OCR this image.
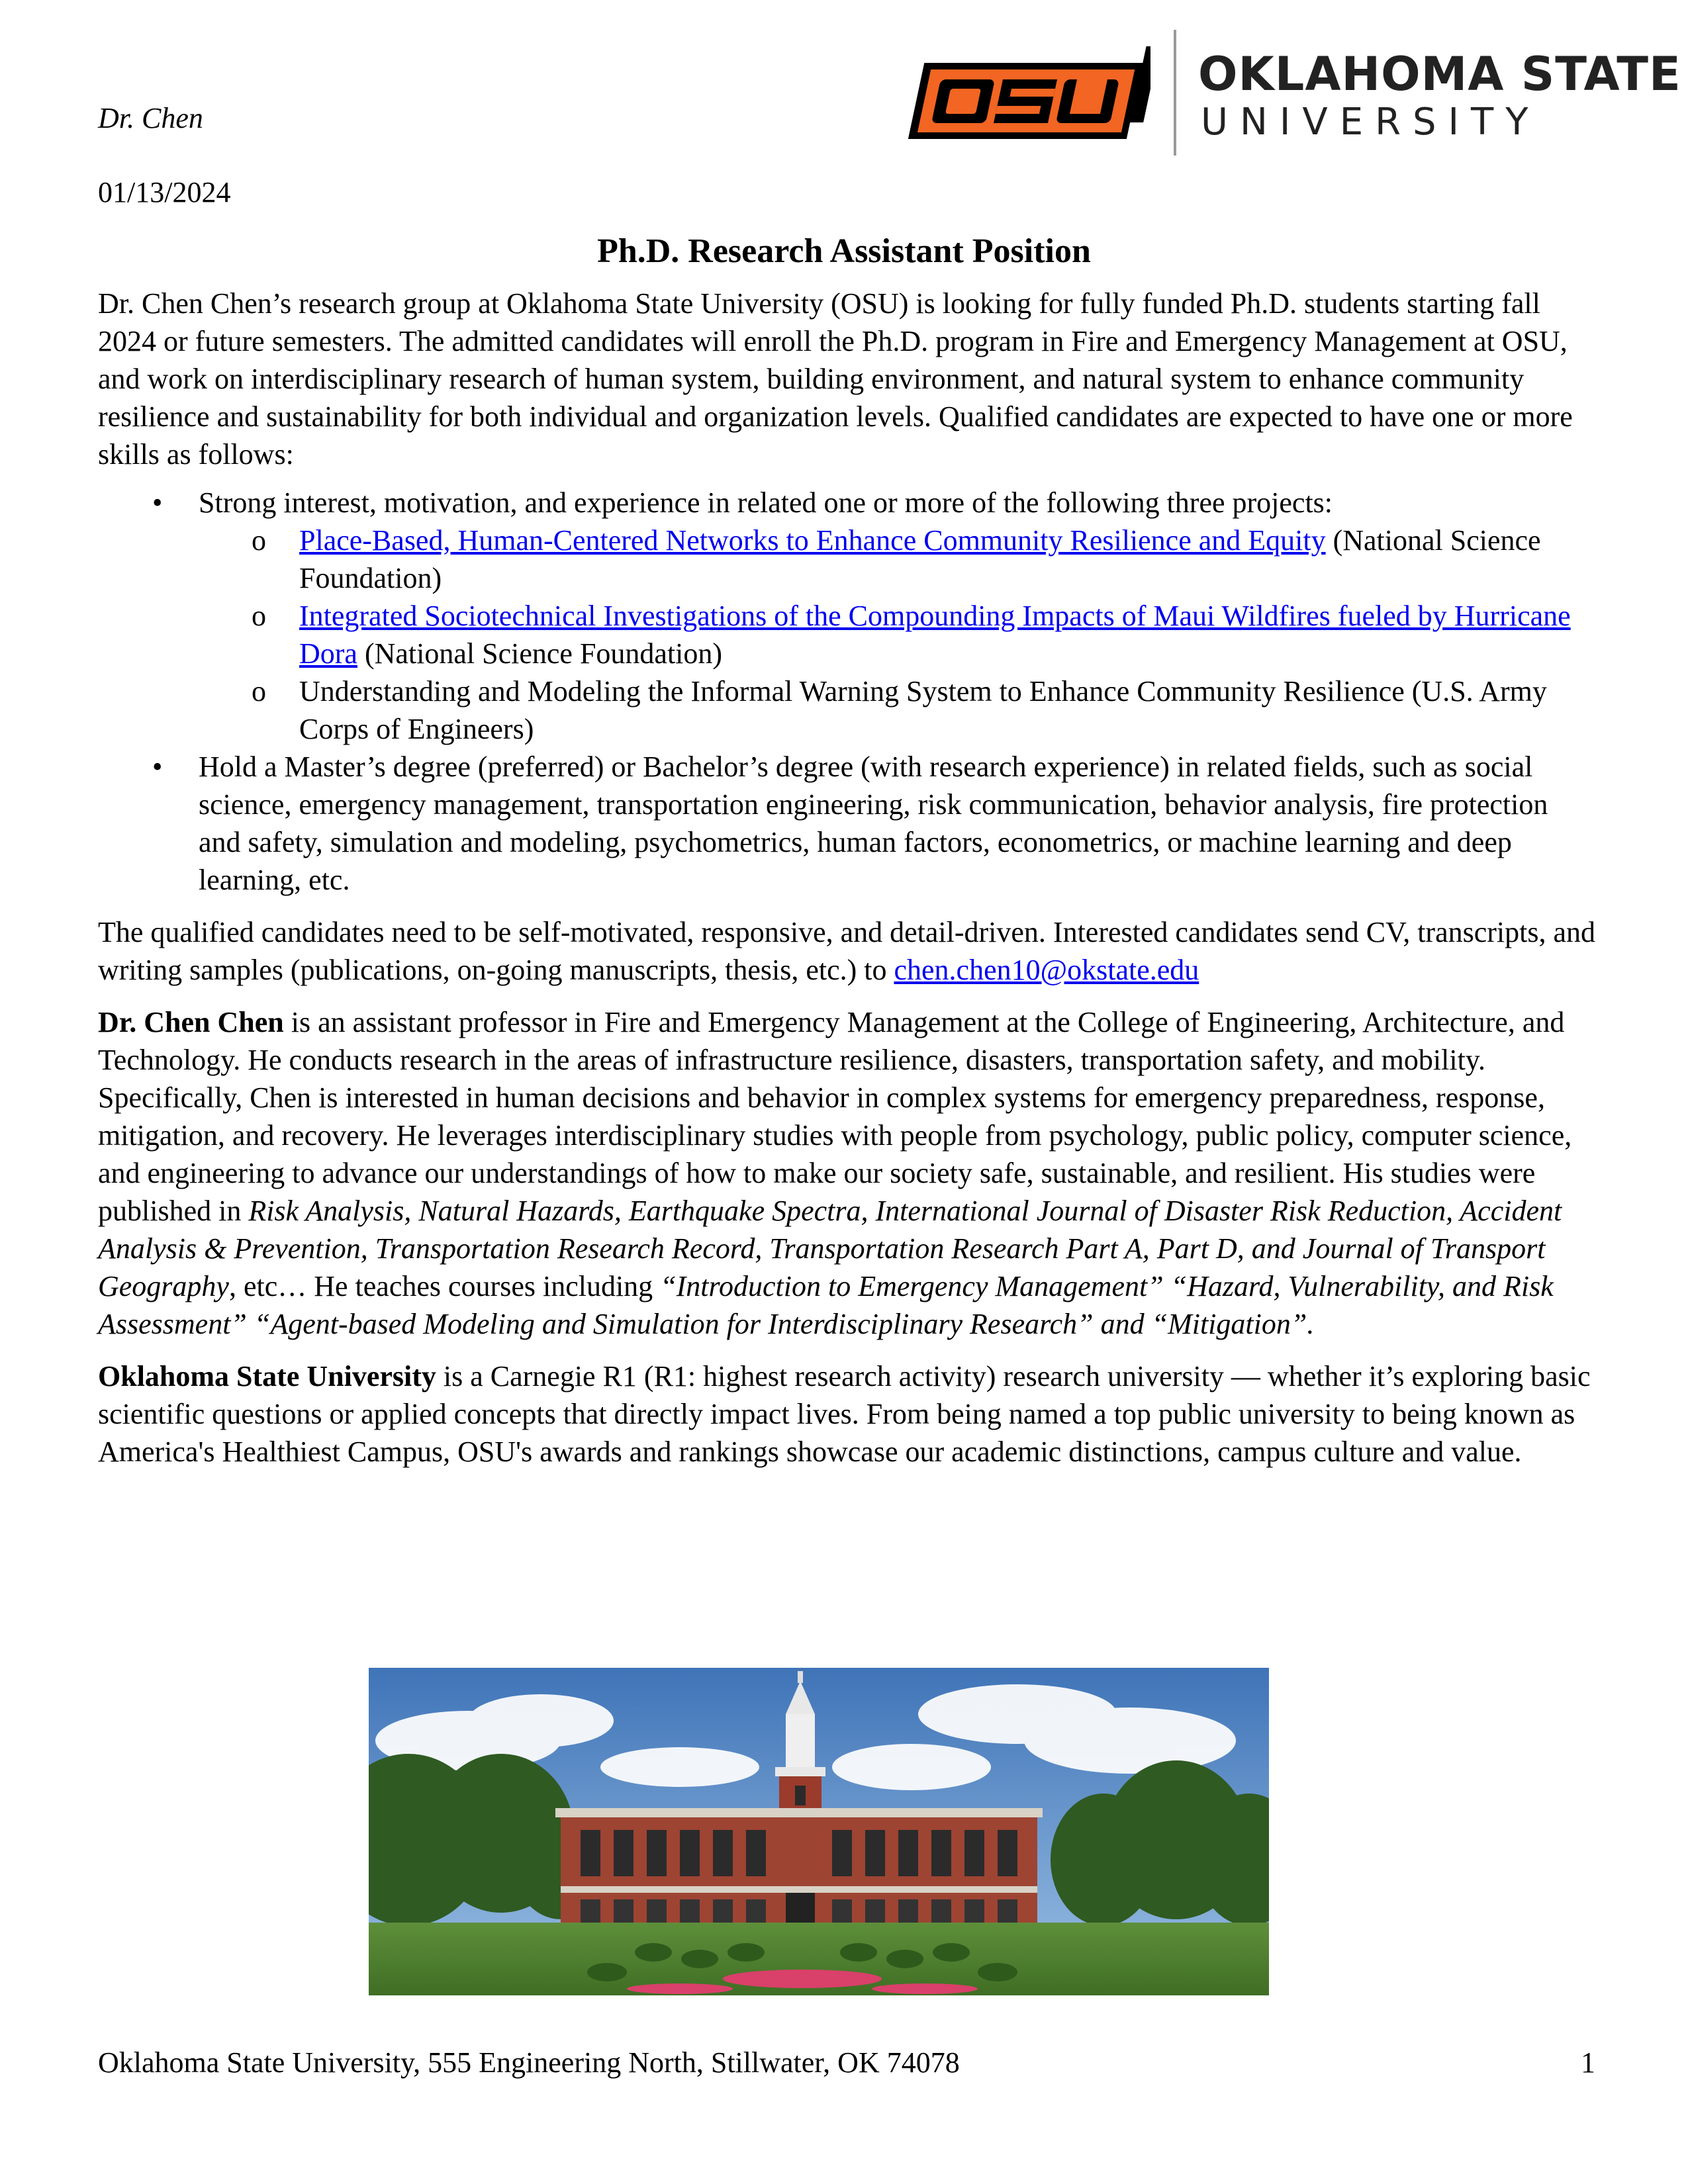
Dr. Chen
01/13/2024
OKLAHOMA STATE
UNIVERSITY
Ph.D. Research Assistant Position

Dr. Chen Chen’s research group at Oklahoma State University (OSU) is looking for fully funded Ph.D. students starting fall 2024 or future semesters. The admitted candidates will enroll the Ph.D. program in Fire and Emergency Management at OSU, and work on interdisciplinary research of human system, building environment, and natural system to enhance community resilience and sustainability for both individual and organization levels. Qualified candidates are expected to have one or more skills as follows:

• Strong interest, motivation, and experience in related one or more of the following three projects:
o Place-Based, Human-Centered Networks to Enhance Community Resilience and Equity (National Science Foundation)
o Integrated Sociotechnical Investigations of the Compounding Impacts of Maui Wildfires fueled by Hurricane Dora (National Science Foundation)
o Understanding and Modeling the Informal Warning System to Enhance Community Resilience (U.S. Army Corps of Engineers)
• Hold a Master’s degree (preferred) or Bachelor’s degree (with research experience) in related fields, such as social science, emergency management, transportation engineering, risk communication, behavior analysis, fire protection and safety, simulation and modeling, psychometrics, human factors, econometrics, or machine learning and deep learning, etc.

The qualified candidates need to be self-motivated, responsive, and detail-driven. Interested candidates send CV, transcripts, and writing samples (publications, on-going manuscripts, thesis, etc.) to chen.chen10@okstate.edu

Dr. Chen Chen is an assistant professor in Fire and Emergency Management at the College of Engineering, Architecture, and Technology. He conducts research in the areas of infrastructure resilience, disasters, transportation safety, and mobility. Specifically, Chen is interested in human decisions and behavior in complex systems for emergency preparedness, response, mitigation, and recovery. He leverages interdisciplinary studies with people from psychology, public policy, computer science, and engineering to advance our understandings of how to make our society safe, sustainable, and resilient. His studies were published in Risk Analysis, Natural Hazards, Earthquake Spectra, International Journal of Disaster Risk Reduction, Accident Analysis & Prevention, Transportation Research Record, Transportation Research Part A, Part D, and Journal of Transport Geography, etc… He teaches courses including “Introduction to Emergency Management” “Hazard, Vulnerability, and Risk Assessment” “Agent-based Modeling and Simulation for Interdisciplinary Research” and “Mitigation”.

Oklahoma State University is a Carnegie R1 (R1: highest research activity) research university — whether it’s exploring basic scientific questions or applied concepts that directly impact lives. From being named a top public university to being known as America's Healthiest Campus, OSU's awards and rankings showcase our academic distinctions, campus culture and value.

Oklahoma State University, 555 Engineering North, Stillwater, OK 74078	1
